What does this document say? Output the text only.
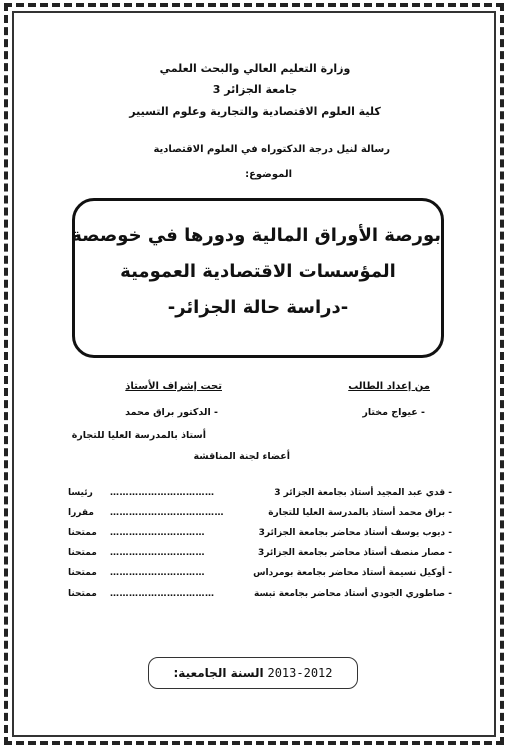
وزارة التعليم العالي والبحث العلمي
جامعة الجزائر 3
كلية العلوم الاقتصادية والتجارية وعلوم التسيير
رسالة لنيل درجة الدكتوراه في العلوم الاقتصادية
الموضوع:
بورصة الأوراق المالية ودورها في خوصصة
المؤسسات الاقتصادية العمومية
-دراسة حالة الجزائر-
من إعداد الطالب
- عيواج مختار
تحت إشراف الأستاذ
- الدكتور براق محمد
أستاذ بالمدرسة العليا للتجارة
أعضاء لجنة المناقشة
- قدي عبد المجيد أستاذ بجامعة الجزائر 3
……………………………
رئيسا
- براق محمد أستاذ بالمدرسة العليا للتجارة
………………………………
مقررا
- ديوب يوسف أستاذ محاضر بجامعة الجزائر3
…………………………
ممتحنا
- مصار منصف أستاذ محاضر بجامعة الجزائر3
…………………………
ممتحنا
- أوكيل نسيمة أستاذ محاضر بجامعة بومرداس
…………………………
ممتحنا
- صاطوري الجودي أستاذ محاضر بجامعة تبسة
……………………………
ممتحنا
السنة الجامعية: 2013-2012
